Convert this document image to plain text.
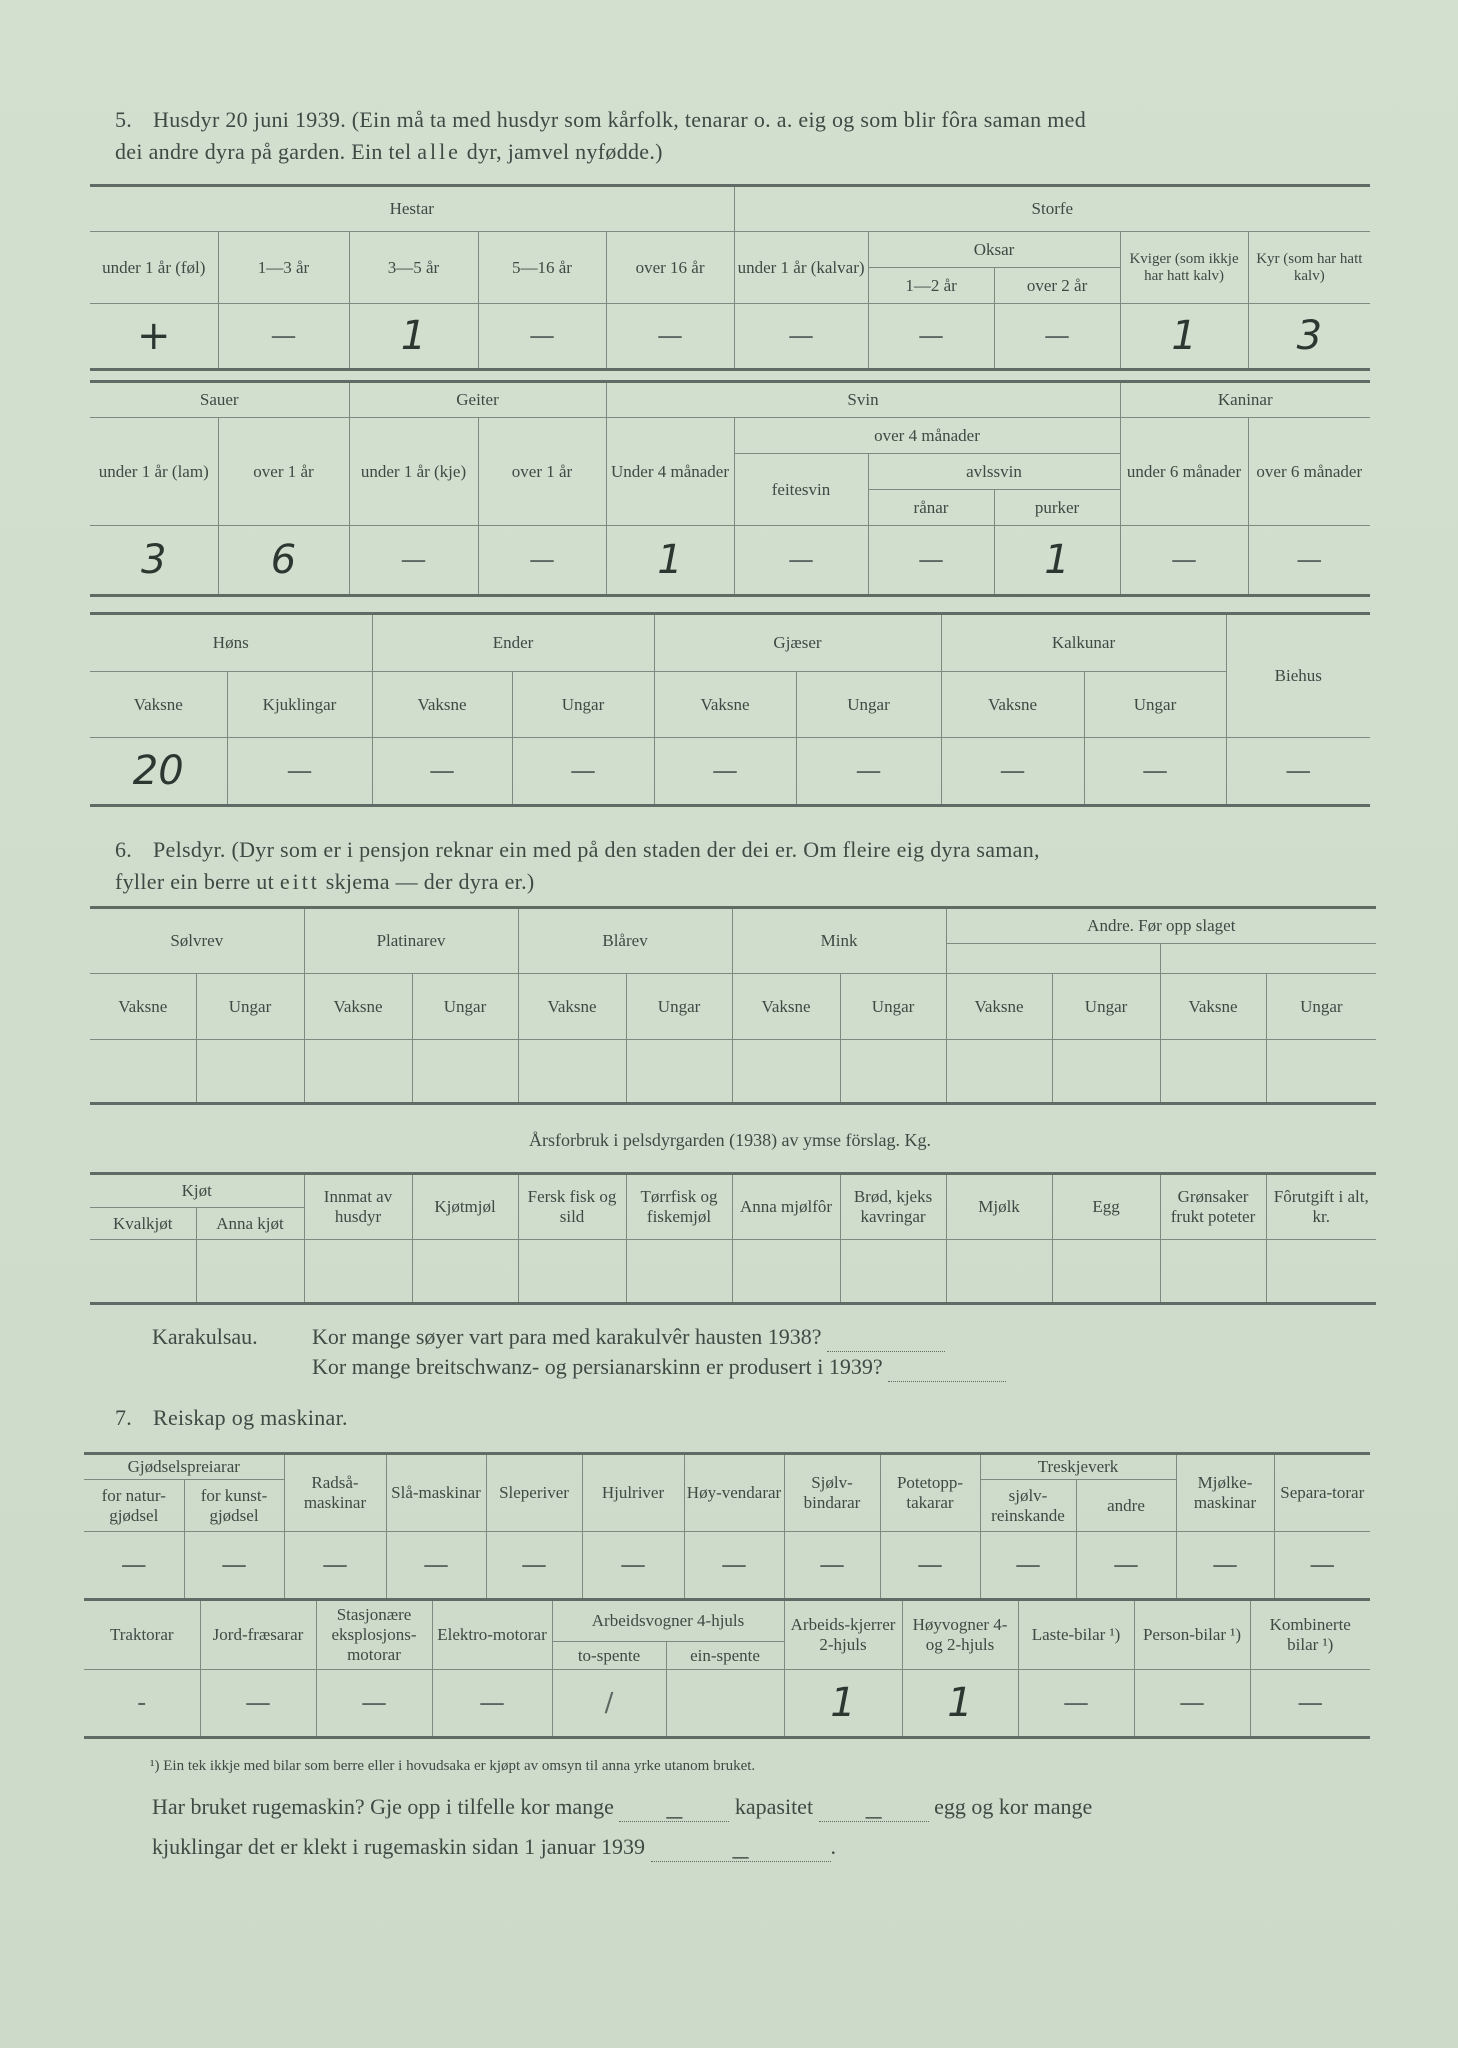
5. Husdyr 20 juni 1939. (Ein må ta med husdyr som kårfolk, tenarar o. a. eig og som blir fôra saman med
dei andre dyra på garden. Ein tel alle dyr, jamvel nyfødde.)
Hestar					Storfe				
under 1 år (føl)	1—3 år	3—5 år	5—16 år	over 16 år	under 1 år (kalvar)	Oksar		Kviger (som ikkje har hatt kalv)	Kyr (som har hatt kalv)
						1—2 år	over 2 år		
+	—	1	—	—	—	—	—	1	3
Sauer		Geiter		Svin				Kaninar	
under 1 år (lam)	over 1 år	under 1 år (kje)	over 1 år	Under 4 månader	over 4 månader			under 6 månader	over 6 månader
					feitesvin	avlssvin			
						rånar	purker		
3	6	—	—	1	—	—	1	—	—
Høns		Ender		Gjæser		Kalkunar		Biehus
Vaksne	Kjuklingar	Vaksne	Ungar	Vaksne	Ungar	Vaksne	Ungar	
20	—	—	—	—	—	—	—	—
6. Pelsdyr. (Dyr som er i pensjon reknar ein med på den staden der dei er. Om fleire eig dyra saman,
fyller ein berre ut eitt skjema — der dyra er.)
Sølvrev		Platinarev		Blårev		Mink		Andre. Før opp slaget			

Vaksne	Ungar	Vaksne	Ungar	Vaksne	Ungar	Vaksne	Ungar	Vaksne	Ungar	Vaksne	Ungar

Årsforbruk i pelsdyrgarden (1938) av ymse förslag. Kg.
Kjøt		Innmat av husdyr	Kjøtmjøl	Fersk fisk og sild	Tørrfisk og fiskemjøl	Anna mjølfôr	Brød, kjeks kavringar	Mjølk	Egg	Grønsaker frukt poteter	Fôrutgift i alt, kr.
Kvalkjøt	Anna kjøt										

Karakulsau. Kor mange søyer vart para med karakulvêr hausten 1938?
Kor mange breitschwanz- og persianarskinn er produsert i 1939?
7. Reiskap og maskinar.
Gjødselspreiarar		Radså-maskinar	Slå-maskinar	Sleperiver	Hjulriver	Høy-vendarar	Sjølv-bindarar	Potetopp-takarar	Treskjeverk		Mjølke-maskinar	Separa-torar
for natur-gjødsel	for kunst-gjødsel								sjølv-reinskande	andre		
—	—	—	—	—	—	—	—	—	—	—	—	—
Traktorar	Jord-fræsarar	Stasjonære eksplosjons-motorar	Elektro-motorar	Arbeidsvogner 4-hjuls		Arbeids-kjerrer 2-hjuls	Høyvogner 4- og 2-hjuls	Laste-bilar ¹)	Person-bilar ¹)	Kombinerte bilar ¹)
				to-spente	ein-spente					
-	—	—	—	/		1	1	—	—	—
¹) Ein tek ikkje med bilar som berre eller i hovudsaka er kjøpt av omsyn til anna yrke utanom bruket.
Har bruket rugemaskin? Gje opp i tilfelle kor mange	— kapasitet	— egg og kor mange
kjuklingar det er klekt i rugemaskin sidan 1 januar 1939	—	.
